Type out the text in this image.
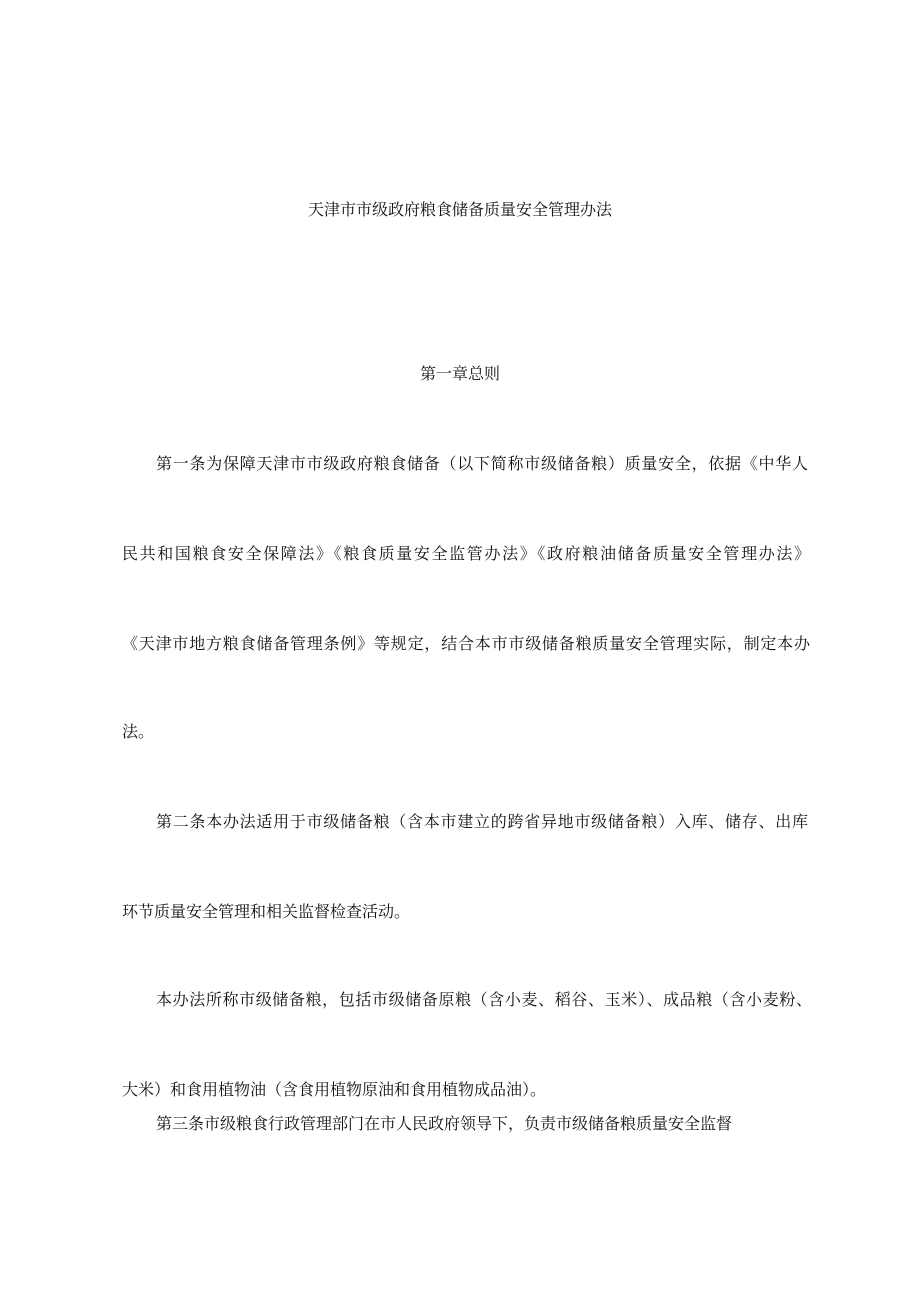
天津市市级政府粮食储备质量安全管理办法

第一章总则

第一条为保障天津市市级政府粮食储备（以下简称市级储备粮）质量安全，依据《中华人

民共和国粮食安全保障法》《粮食质量安全监管办法》《政府粮油储备质量安全管理办法》

《天津市地方粮食储备管理条例》等规定，结合本市市级储备粮质量安全管理实际，制定本办

法。

第二条本办法适用于市级储备粮（含本市建立的跨省异地市级储备粮）入库、储存、出库

环节质量安全管理和相关监督检查活动。

本办法所称市级储备粮，包括市级储备原粮（含小麦、稻谷、玉米）、成品粮（含小麦粉、

大米）和食用植物油（含食用植物原油和食用植物成品油）。

第三条市级粮食行政管理部门在市人民政府领导下，负责市级储备粮质量安全监督
